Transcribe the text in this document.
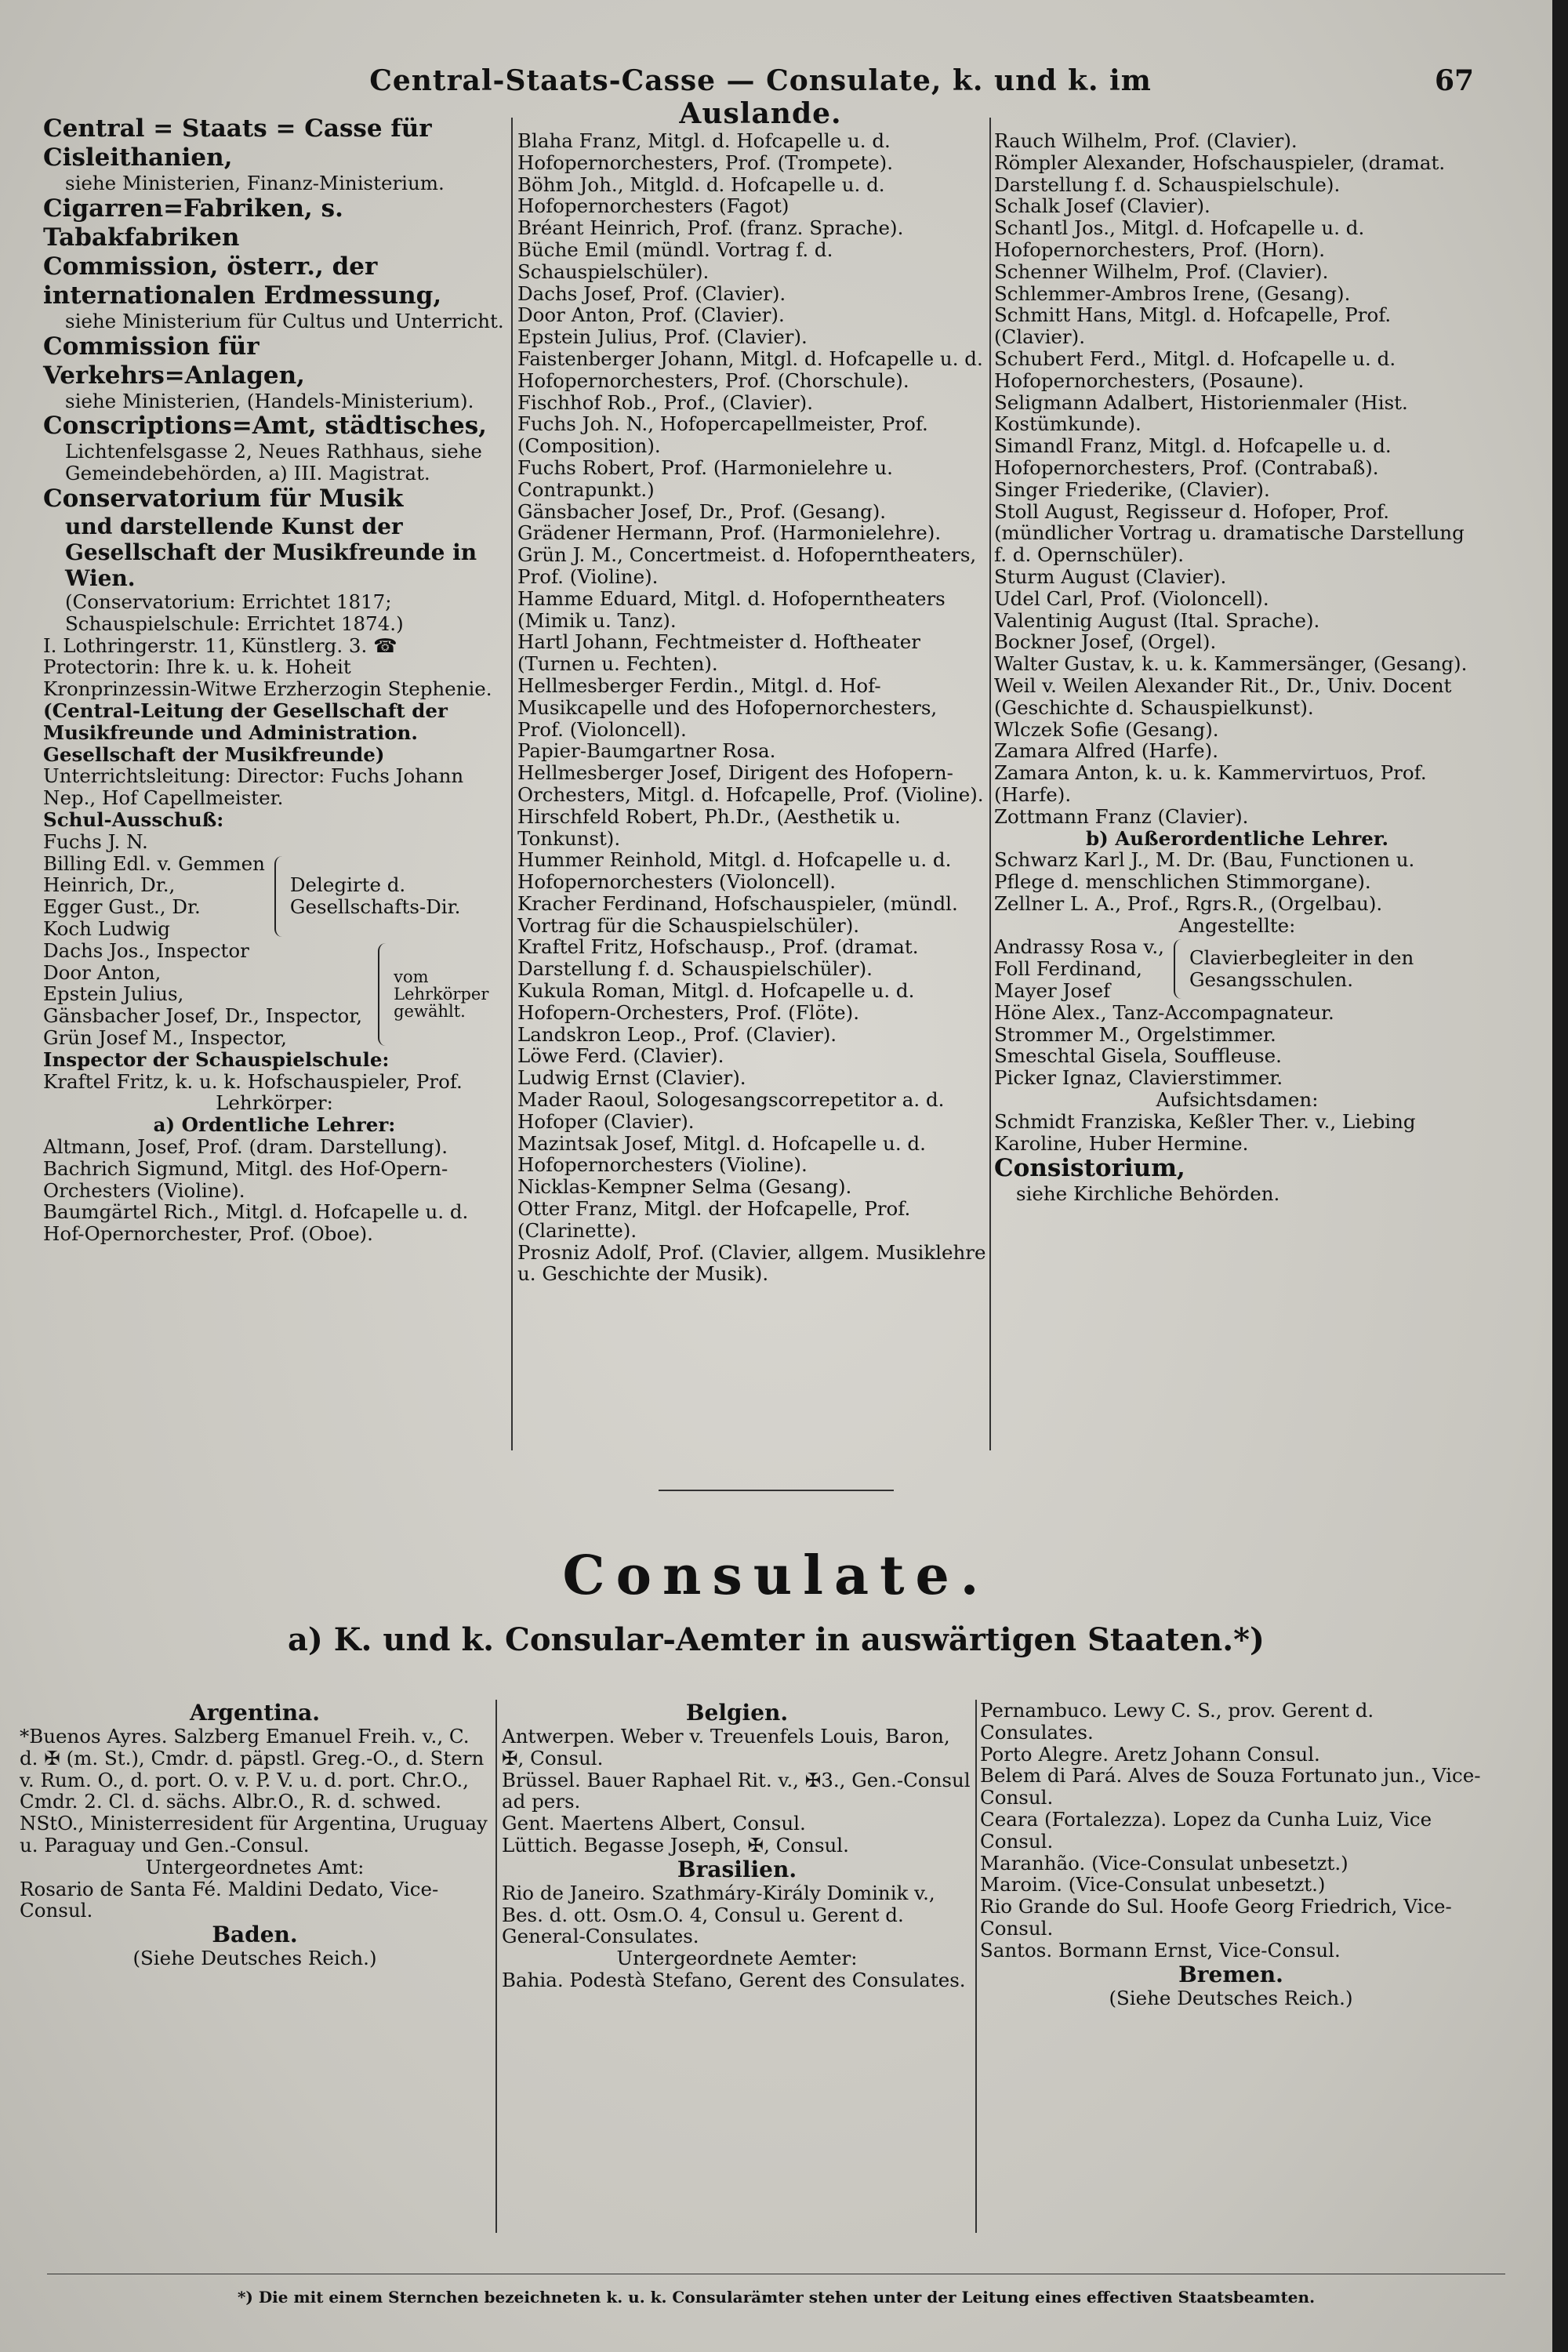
Central-Staats-Casse — Consulate, k. und k. im Auslande.
67

Central = Staats = Casse für Cisleithanien,

siehe Ministerien, Finanz-Ministerium.

Cigarren=Fabriken, s. Tabakfabriken

Commission, österr., der internationalen Erdmessung,

siehe Ministerium für Cultus und Unterricht.

Commission für Verkehrs=Anlagen,

siehe Ministerien, (Handels-Ministerium).

Conscriptions=Amt, städtisches,

Lichtenfelsgasse 2, Neues Rathhaus, siehe Gemeindebehörden, a) III. Magistrat.

Conservatorium für Musik

und darstellende Kunst der Gesellschaft der Musikfreunde in Wien.

(Conservatorium: Errichtet 1817; Schauspielschule: Errichtet 1874.)

I. Lothringerstr. 11, Künstlerg. 3. ☎

Protectorin: Ihre k. u. k. Hoheit Kronprinzessin-Witwe Erzherzogin Stephenie.

(Central-Leitung der Gesellschaft der Musikfreunde und Administration. Gesellschaft der Musikfreunde)

Unterrichtsleitung: Director: Fuchs Johann Nep., Hof Capellmeister.

Schul-Ausschuß:

Fuchs J. N.

Billing Edl. v. Gemmen

Heinrich, Dr.,

Egger Gust., Dr.

Koch Ludwig

Delegirte d. Gesellschafts-Dir.

Dachs Jos., Inspector

Door Anton,

Epstein Julius,

Gänsbacher Josef, Dr., Inspector,

Grün Josef M., Inspector,

vom Lehrkörper gewählt.

Inspector der Schauspielschule:

Kraftel Fritz, k. u. k. Hofschauspieler, Prof.

Lehrkörper:

a) Ordentliche Lehrer:

Altmann, Josef, Prof. (dram. Darstellung).

Bachrich Sigmund, Mitgl. des Hof-Opern-Orchesters (Violine).

Baumgärtel Rich., Mitgl. d. Hofcapelle u. d. Hof-Opernorchester, Prof. (Oboe).

Blaha Franz, Mitgl. d. Hofcapelle u. d. Hofopernorchesters, Prof. (Trompete).

Böhm Joh., Mitgld. d. Hofcapelle u. d. Hofopernorchesters (Fagot)

Bréant Heinrich, Prof. (franz. Sprache).

Büche Emil (mündl. Vortrag f. d. Schauspielschüler).

Dachs Josef, Prof. (Clavier).

Door Anton, Prof. (Clavier).

Epstein Julius, Prof. (Clavier).

Faistenberger Johann, Mitgl. d. Hofcapelle u. d. Hofopernorchesters, Prof. (Chorschule).

Fischhof Rob., Prof., (Clavier).

Fuchs Joh. N., Hofopercapellmeister, Prof. (Composition).

Fuchs Robert, Prof. (Harmonielehre u. Contrapunkt.)

Gänsbacher Josef, Dr., Prof. (Gesang).

Grädener Hermann, Prof. (Harmonielehre).

Grün J. M., Concertmeist. d. Hofoperntheaters, Prof. (Violine).

Hamme Eduard, Mitgl. d. Hofoperntheaters (Mimik u. Tanz).

Hartl Johann, Fechtmeister d. Hoftheater (Turnen u. Fechten).

Hellmesberger Ferdin., Mitgl. d. Hof-Musikcapelle und des Hofopernorchesters, Prof. (Violoncell).

Papier-Baumgartner Rosa.

Hellmesberger Josef, Dirigent des Hofopern-Orchesters, Mitgl. d. Hofcapelle, Prof. (Violine).

Hirschfeld Robert, Ph.Dr., (Aesthetik u. Tonkunst).

Hummer Reinhold, Mitgl. d. Hofcapelle u. d. Hofopernorchesters (Violoncell).

Kracher Ferdinand, Hofschauspieler, (mündl. Vortrag für die Schauspielschüler).

Kraftel Fritz, Hofschausp., Prof. (dramat. Darstellung f. d. Schauspielschüler).

Kukula Roman, Mitgl. d. Hofcapelle u. d. Hofopern-Orchesters, Prof. (Flöte).

Landskron Leop., Prof. (Clavier).

Löwe Ferd. (Clavier).

Ludwig Ernst (Clavier).

Mader Raoul, Sologesangscorrepetitor a. d. Hofoper (Clavier).

Mazintsak Josef, Mitgl. d. Hofcapelle u. d. Hofopernorchesters (Violine).

Nicklas-Kempner Selma (Gesang).

Otter Franz, Mitgl. der Hofcapelle, Prof. (Clarinette).

Prosniz Adolf, Prof. (Clavier, allgem. Musiklehre u. Geschichte der Musik).

Rauch Wilhelm, Prof. (Clavier).

Römpler Alexander, Hofschauspieler, (dramat. Darstellung f. d. Schauspielschule).

Schalk Josef (Clavier).

Schantl Jos., Mitgl. d. Hofcapelle u. d. Hofopernorchesters, Prof. (Horn).

Schenner Wilhelm, Prof. (Clavier).

Schlemmer-Ambros Irene, (Gesang).

Schmitt Hans, Mitgl. d. Hofcapelle, Prof. (Clavier).

Schubert Ferd., Mitgl. d. Hofcapelle u. d. Hofopernorchesters, (Posaune).

Seligmann Adalbert, Historienmaler (Hist. Kostümkunde).

Simandl Franz, Mitgl. d. Hofcapelle u. d. Hofopernorchesters, Prof. (Contrabaß).

Singer Friederike, (Clavier).

Stoll August, Regisseur d. Hofoper, Prof. (mündlicher Vortrag u. dramatische Darstellung f. d. Opernschüler).

Sturm August (Clavier).

Udel Carl, Prof. (Violoncell).

Valentinig August (Ital. Sprache).

Bockner Josef, (Orgel).

Walter Gustav, k. u. k. Kammersänger, (Gesang).

Weil v. Weilen Alexander Rit., Dr., Univ. Docent (Geschichte d. Schauspielkunst).

Wlczek Sofie (Gesang).

Zamara Alfred (Harfe).

Zamara Anton, k. u. k. Kammervirtuos, Prof. (Harfe).

Zottmann Franz (Clavier).

b) Außerordentliche Lehrer.

Schwarz Karl J., M. Dr. (Bau, Functionen u. Pflege d. menschlichen Stimmorgane).

Zellner L. A., Prof., Rgrs.R., (Orgelbau).

Angestellte:

Andrassy Rosa v.,

Foll Ferdinand,

Mayer Josef

Clavierbegleiter in den Gesangsschulen.

Höne Alex., Tanz-Accompagnateur.

Strommer M., Orgelstimmer.

Smeschtal Gisela, Souffleuse.

Picker Ignaz, Clavierstimmer.

Aufsichtsdamen:

Schmidt Franziska, Keßler Ther. v., Liebing Karoline, Huber Hermine.

Consistorium,

siehe Kirchliche Behörden.

Consulate.
a) K. und k. Consular-Aemter in auswärtigen Staaten.*)

Argentina.

*Buenos Ayres. Salzberg Emanuel Freih. v., C. d. ✠ (m. St.), Cmdr. d. päpstl. Greg.-O., d. Stern v. Rum. O., d. port. O. v. P. V. u. d. port. Chr.O., Cmdr. 2. Cl. d. sächs. Albr.O., R. d. schwed. NStO., Ministerresident für Argentina, Uruguay u. Paraguay und Gen.-Consul.

Untergeordnetes Amt:

Rosario de Santa Fé. Maldini Dedato, Vice-Consul.

Baden.

(Siehe Deutsches Reich.)

Belgien.

Antwerpen. Weber v. Treuenfels Louis, Baron, ✠, Consul.

Brüssel. Bauer Raphael Rit. v., ✠3., Gen.-Consul ad pers.

Gent. Maertens Albert, Consul.

Lüttich. Begasse Joseph, ✠, Consul.

Brasilien.

Rio de Janeiro. Szathmáry-Király Dominik v., Bes. d. ott. Osm.O. 4, Consul u. Gerent d. General-Consulates.

Untergeordnete Aemter:

Bahia. Podestà Stefano, Gerent des Consulates.

Pernambuco. Lewy C. S., prov. Gerent d. Consulates.

Porto Alegre. Aretz Johann Consul.

Belem di Pará. Alves de Souza Fortunato jun., Vice-Consul.

Ceara (Fortalezza). Lopez da Cunha Luiz, Vice Consul.

Maranhão. (Vice-Consulat unbesetzt.)

Maroim. (Vice-Consulat unbesetzt.)

Rio Grande do Sul. Hoofe Georg Friedrich, Vice-Consul.

Santos. Bormann Ernst, Vice-Consul.

Bremen.

(Siehe Deutsches Reich.)

*) Die mit einem Sternchen bezeichneten k. u. k. Consularämter stehen unter der Leitung eines effectiven Staatsbeamten.
